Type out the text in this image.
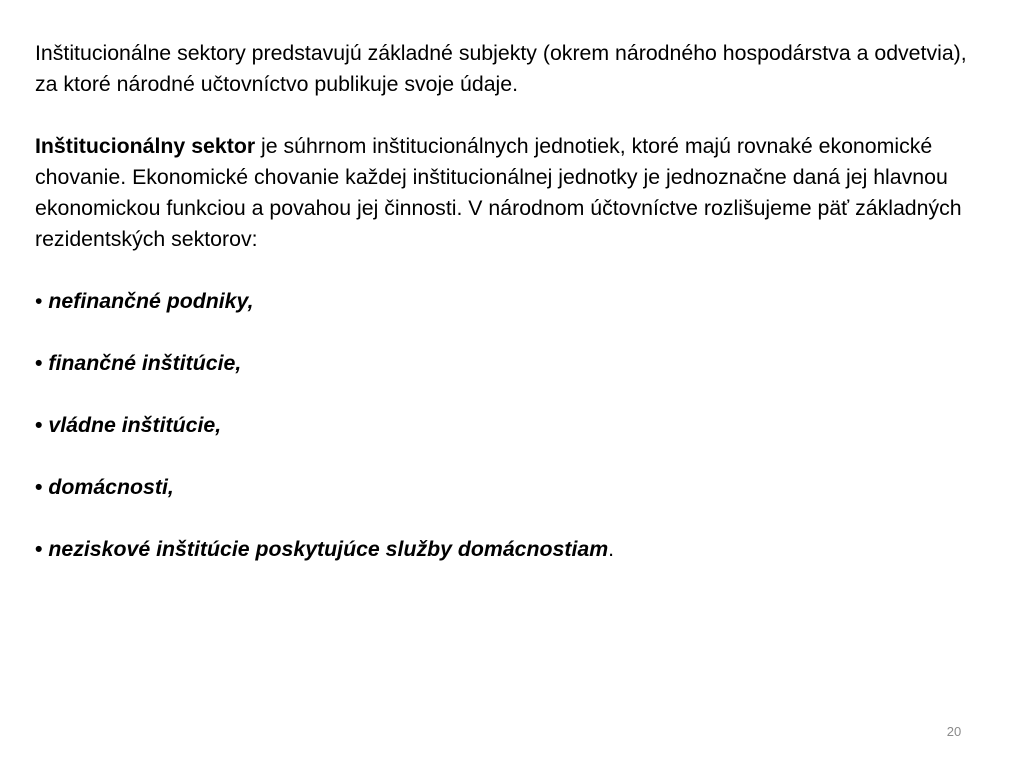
Inštitucionálne sektory predstavujú základné subjekty (okrem národného hospodárstva a odvetvia), za ktoré národné učtovníctvo publikuje svoje údaje.

Inštitucionálny sektor je súhrnom inštitucionálnych jednotiek, ktoré majú rovnaké ekonomické chovanie. Ekonomické chovanie každej inštitucionálnej jednotky je jednoznačne daná jej hlavnou ekonomickou funkciou a povahou jej činnosti. V národnom účtovníctve rozlišujeme päť základných rezidentských sektorov:

• nefinančné podniky,
• finančné inštitúcie,
• vládne inštitúcie,
• domácnosti,
• neziskové inštitúcie poskytujúce služby domácnostiam.
20
